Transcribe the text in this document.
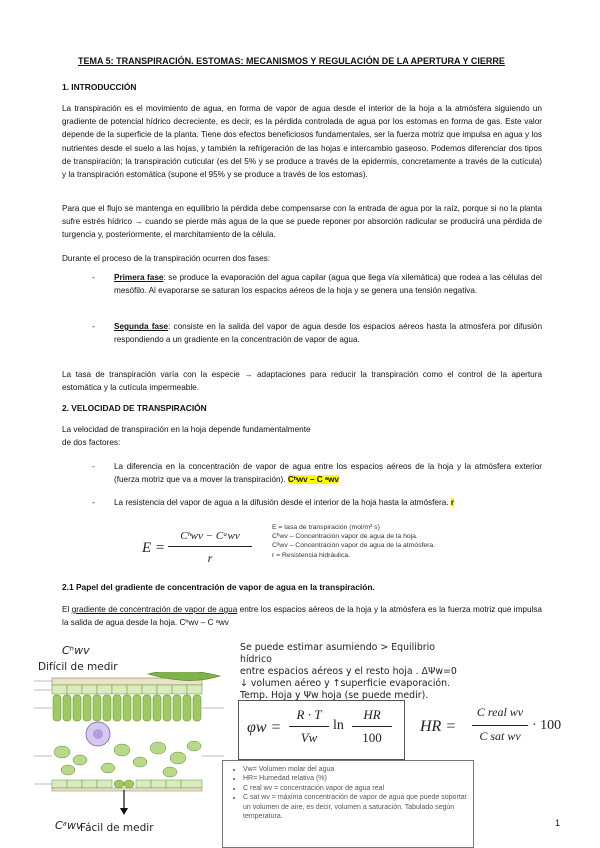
TEMA 5: TRANSPIRACIÓN. ESTOMAS: MECANISMOS Y REGULACIÓN DE LA APERTURA Y CIERRE
1. INTRODUCCIÓN

La transpiración es el movimiento de agua, en forma de vapor de agua desde el interior de la hoja a la atmósfera siguiendo un gradiente de potencial hídrico decreciente, es decir, es la pérdida controlada de agua por los estomas en forma de gas. Este valor depende de la superficie de la planta. Tiene dos efectos beneficiosos fundamentales, ser la fuerza motriz que impulsa en agua y los nutrientes desde el suelo a las hojas, y también la refrigeración de las hojas e intercambio gaseoso. Podemos diferenciar dos tipos de transpiración; la transpiración cuticular (es del 5% y se produce a través de la epidermis, concretamente a través de la cutícula) y la transpiración estomática (supone el 95% y se produce a través de los estomas).

Para que el flujo se mantenga en equilibrio la pérdida debe compensarse con la entrada de agua por la raíz, porque si no la planta sufre estrés hídrico → cuando se pierde más agua de la que se puede reponer por absorción radicular se producirá una pérdida de turgencia y, posteriormente, el marchitamiento de la célula.

Durante el proceso de la transpiración ocurren dos fases:

- Primera fase: se produce la evaporación del agua capilar (agua que llega vía xilemática) que rodea a las células del mesófilo. Al evaporarse se saturan los espacios aéreos de la hoja y se genera una tensión negativa.

- Segunda fase: consiste en la salida del vapor de agua desde los espacios aéreos hasta la atmosfera por difusión respondiendo a un gradiente en la concentración de vapor de agua.

La tasa de transpiración varía con la especie → adaptaciones para reducir la transpiración como el control de la apertura estomática y la cutícula impermeable.

2. VELOCIDAD DE TRANSPIRACIÓN

La velocidad de transpiración en la hoja depende fundamentalmente

de dos factores:

- La diferencia en la concentración de vapor de agua entre los espacios aéreos de la hoja y la atmósfera exterior (fuerza motriz que va a mover la transpiración). Cʰwv – C ᵃwv

- La resistencia del vapor de agua a la difusión desde el interior de la hoja hasta la atmósfera. r

E =
Cʰwv − Cᵃwv
r
E = tasa de transpiración (mol/m² s)
Cʰwv – Concentración vapor de agua de la hoja.
Cᵃwv – Concentración vapor de agua de la atmósfera.
r = Resistencia hidráulica.
2.1 Papel del gradiente de concentración de vapor de agua en la transpiración.

El gradiente de concentración de vapor de agua entre los espacios aéreos de la hoja y la atmósfera es la fuerza motriz que impulsa la salida de agua desde la hoja. Cʰwv – C ᵃwv

Cʰwv
Difícil de medir
Cᵃwv
Fácil de medir
Se puede estimar asumiendo > Equilibrio hídrico
entre espacios aéreos y el resto hoja . ΔΨw=0
↓ volumen aéreo y ↑superficie evaporación.
Temp. Hoja y Ψw hoja (se puede medir).
φw =
R · T
Vw
ln
HR
100
HR =
C real wv
C sat wv
· 100
• Vw= Volumen molar del agua
• HR= Humedad relativa (%)
• C real wv = concentración vapor de agua real
• C sat wv = máxima concentración de vapor de agua que puede soportar un volumen de aire, es decir, volumen a saturación. Tabulado según temperatura.
1
